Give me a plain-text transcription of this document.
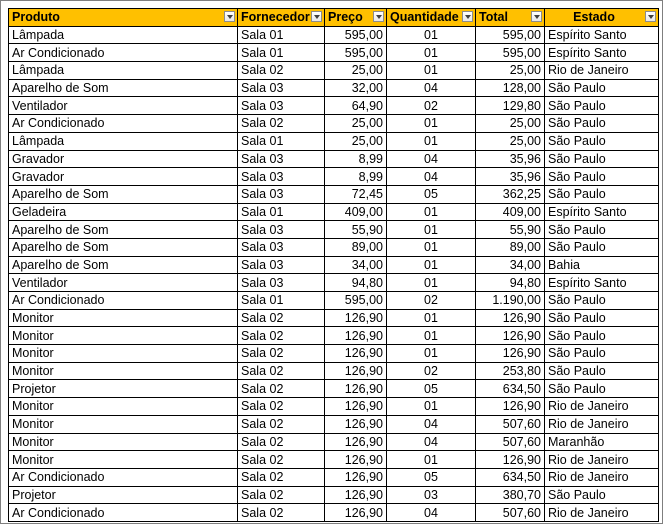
Produto	Fornecedor	Preço	Quantidade	Total	Estado

Lâmpada	Sala 01	595,00	01	595,00	Espírito Santo
Ar Condicionado	Sala 01	595,00	01	595,00	Espírito Santo
Lâmpada	Sala 02	25,00	01	25,00	Rio de Janeiro
Aparelho de Som	Sala 03	32,00	04	128,00	São Paulo
Ventilador	Sala 03	64,90	02	129,80	São Paulo
Ar Condicionado	Sala 02	25,00	01	25,00	São Paulo
Lâmpada	Sala 01	25,00	01	25,00	São Paulo
Gravador	Sala 03	8,99	04	35,96	São Paulo
Gravador	Sala 03	8,99	04	35,96	São Paulo
Aparelho de Som	Sala 03	72,45	05	362,25	São Paulo
Geladeira	Sala 01	409,00	01	409,00	Espírito Santo
Aparelho de Som	Sala 03	55,90	01	55,90	São Paulo
Aparelho de Som	Sala 03	89,00	01	89,00	São Paulo
Aparelho de Som	Sala 03	34,00	01	34,00	Bahia
Ventilador	Sala 03	94,80	01	94,80	Espírito Santo
Ar Condicionado	Sala 01	595,00	02	1.190,00	São Paulo
Monitor	Sala 02	126,90	01	126,90	São Paulo
Monitor	Sala 02	126,90	01	126,90	São Paulo
Monitor	Sala 02	126,90	01	126,90	São Paulo
Monitor	Sala 02	126,90	02	253,80	São Paulo
Projetor	Sala 02	126,90	05	634,50	São Paulo
Monitor	Sala 02	126,90	01	126,90	Rio de Janeiro
Monitor	Sala 02	126,90	04	507,60	Rio de Janeiro
Monitor	Sala 02	126,90	04	507,60	Maranhão
Monitor	Sala 02	126,90	01	126,90	Rio de Janeiro
Ar Condicionado	Sala 02	126,90	05	634,50	Rio de Janeiro
Projetor	Sala 02	126,90	03	380,70	São Paulo
Ar Condicionado	Sala 02	126,90	04	507,60	Rio de Janeiro
